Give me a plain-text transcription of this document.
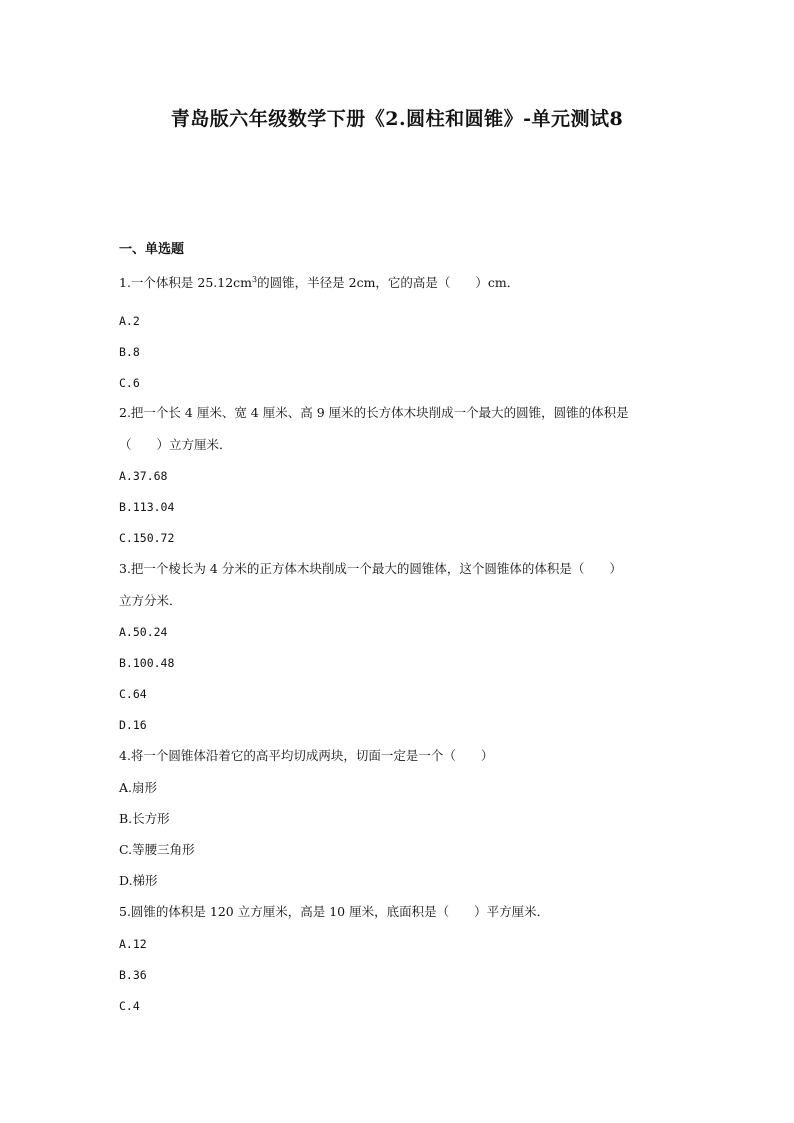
青岛版六年级数学下册《2.圆柱和圆锥》-单元测试8
一、单选题
1.一个体积是 $25.12cm^3$的圆锥，半径是 2cm，它的高是（　　）cm．
A.2
B.8
C.6
2.把一个长 4 厘米、宽 4 厘米、高 9 厘米的长方体木块削成一个最大的圆锥，圆锥的体积是
（　　）立方厘米．
A.37.68
B.113.04
C.150.72
3.把一个棱长为 4 分米的正方体木块削成一个最大的圆锥体，这个圆锥体的体积是（　　）
立方分米．
A.50.24
B.100.48
C.64
D.16
4.将一个圆锥体沿着它的高平均切成两块，切面一定是一个（　　）
A.扇形
B.长方形
C.等腰三角形
D.梯形
5.圆锥的体积是 120 立方厘米，高是 10 厘米，底面积是（　　）平方厘米．
A.12
B.36
C.4
